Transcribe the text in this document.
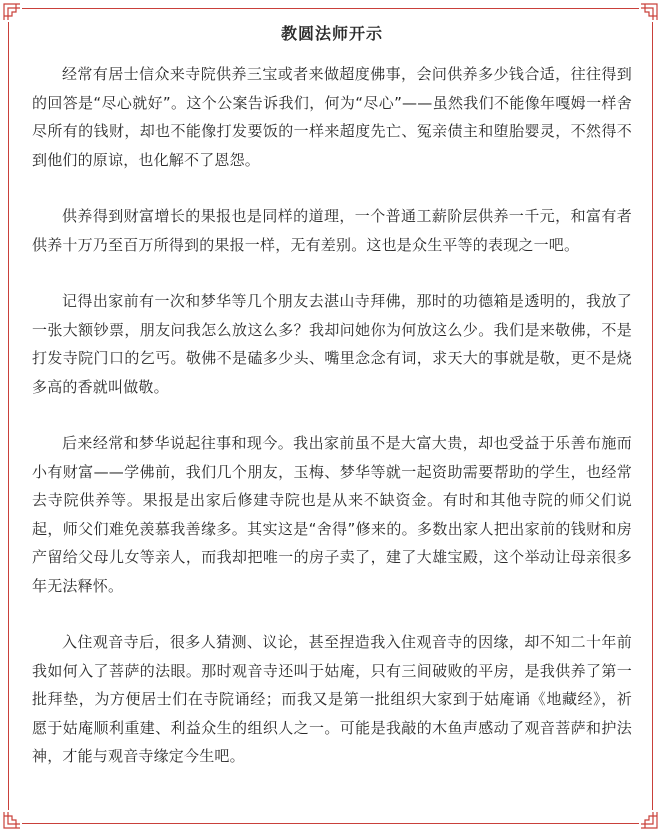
教圆法师开示

经常有居士信众来寺院供养三宝或者来做超度佛事，会问供养多少钱合适，往往得到的回答是“尽心就好”。这个公案告诉我们，何为“尽心”——虽然我们不能像年嘎姆一样舍尽所有的钱财，却也不能像打发要饭的一样来超度先亡、冤亲债主和堕胎婴灵，不然得不到他们的原谅，也化解不了恩怨。

供养得到财富增长的果报也是同样的道理，一个普通工薪阶层供养一千元，和富有者供养十万乃至百万所得到的果报一样，无有差别。这也是众生平等的表现之一吧。

记得出家前有一次和梦华等几个朋友去湛山寺拜佛，那时的功德箱是透明的，我放了一张大额钞票，朋友问我怎么放这么多？我却问她你为何放这么少。我们是来敬佛，不是打发寺院门口的乞丐。敬佛不是磕多少头、嘴里念念有词，求天大的事就是敬，更不是烧多高的香就叫做敬。

后来经常和梦华说起往事和现今。我出家前虽不是大富大贵，却也受益于乐善布施而小有财富——学佛前，我们几个朋友，玉梅、梦华等就一起资助需要帮助的学生，也经常去寺院供养等。果报是出家后修建寺院也是从来不缺资金。有时和其他寺院的师父们说起，师父们难免羡慕我善缘多。其实这是“舍得”修来的。多数出家人把出家前的钱财和房产留给父母儿女等亲人，而我却把唯一的房子卖了，建了大雄宝殿，这个举动让母亲很多年无法释怀。

入住观音寺后，很多人猜测、议论，甚至捏造我入住观音寺的因缘，却不知二十年前我如何入了菩萨的法眼。那时观音寺还叫于姑庵，只有三间破败的平房，是我供养了第一批拜垫，为方便居士们在寺院诵经；而我又是第一批组织大家到于姑庵诵《地藏经》，祈愿于姑庵顺利重建、利益众生的组织人之一。可能是我敲的木鱼声感动了观音菩萨和护法神，才能与观音寺缘定今生吧。
